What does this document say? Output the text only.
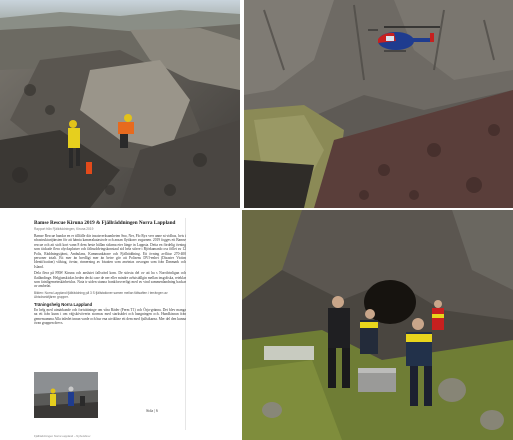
Bamse Rescue Kiruna 2019 & Fjällräddningen Norra Lappland

Rapport från Fjällräddningen, Kiruna 2019

Bamse Rescue bandar en er tillfälle där insatsverksamheten Sno, Ner, Flo Ryx verr anne ni vidhus, hvis i nfrastrukturtjänsten för att hämta kamerakatastrofe och ansan flyttkonv avgarnen. 2019 fogges ett Bamse rescue och att stolt kort vann 8 dem heste hällan sidarna eter länge in Lappsta. Detta en fördelig övning som täckade flera olycksplatser och fältsuddvingskonstaul sid hela större i Björkamanlo oss föllet av 12 Polis, Räddningstjänst, Ambulans, Kommunkärare och Fjällräddning. Eit övning avflitar 270-400 personer totalt. Ett mer än bredligt mer än betre gör att Polisens DVI-enhet (Disaster Victim Identification) vålstag, övrtar, rinnerning av bisatten som anvintas avsorgan som från Danmark och Island.

Dela flera på FRW Kiruna och anslutet fallsvärd kom. De största del ov att ha s Norrifrinligan och flatländinge. Helgjanskiolas heden deckt case de ner eller mindre avlutställgin mellan insgoliska, reteklar som fatnligemeinskärhetslus. Nota tr uiden stanna frankforsverligt med av vind sammenlandning backar av ansbefat.

Bilden: Norra Lappland fjällräddning på 3 S fjällstationer samen mellan fältsaften i terrängen av Abisdrankfjären grupper.

Träningshelg Norra Lappland

En helg med utmärkande och fortsättninge om våra Räder (Ferm T1) och Örja-gränna. Det blev manga na ett från kunn i om väjjskövöverin stormas med starksådet och hangningen och. Hundkisnun från gemensamma Alla inledet innan varde och hur ena utvikline ett dem med fjallstkarna. Mer del den kunna övan gruppen drevs.

Sida | 6
Fjällräddningen Norra Lappland – Nyhetsbrev
